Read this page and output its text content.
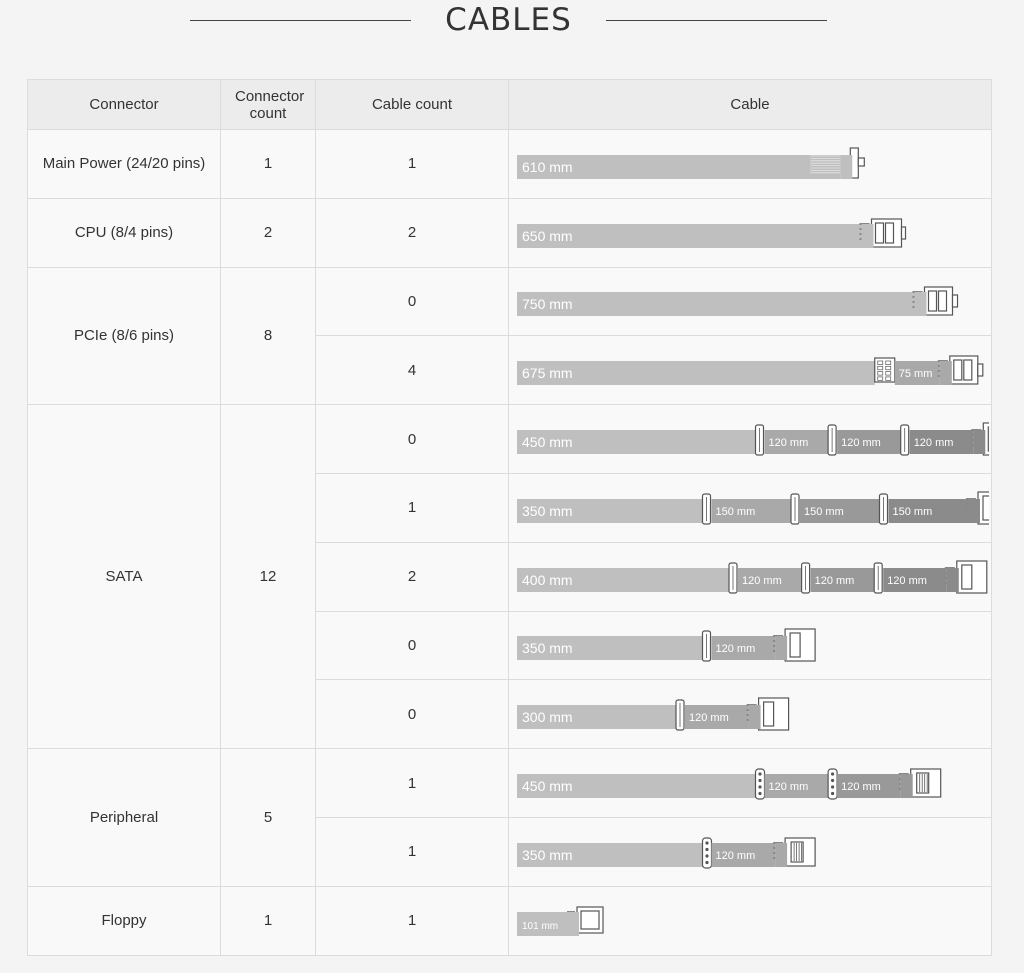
CABLES
Connector	Connector count	Cable count	Cable
Main Power (24/20 pins)	1	1	610 mm

CPU (8/4 pins)	2	2	650 mm

PCIe (8/6 pins)	8	0	750 mm

		4	675 mm 75 mm

SATA	12	0	450 mm 120 mm 120 mm 120 mm

		1	350 mm 150 mm 150 mm 150 mm

		2	400 mm 120 mm 120 mm 120 mm

		0	350 mm 120 mm

		0	300 mm 120 mm

Peripheral	5	1	450 mm 120 mm 120 mm

		1	350 mm 120 mm

Floppy	1	1	101 mm
